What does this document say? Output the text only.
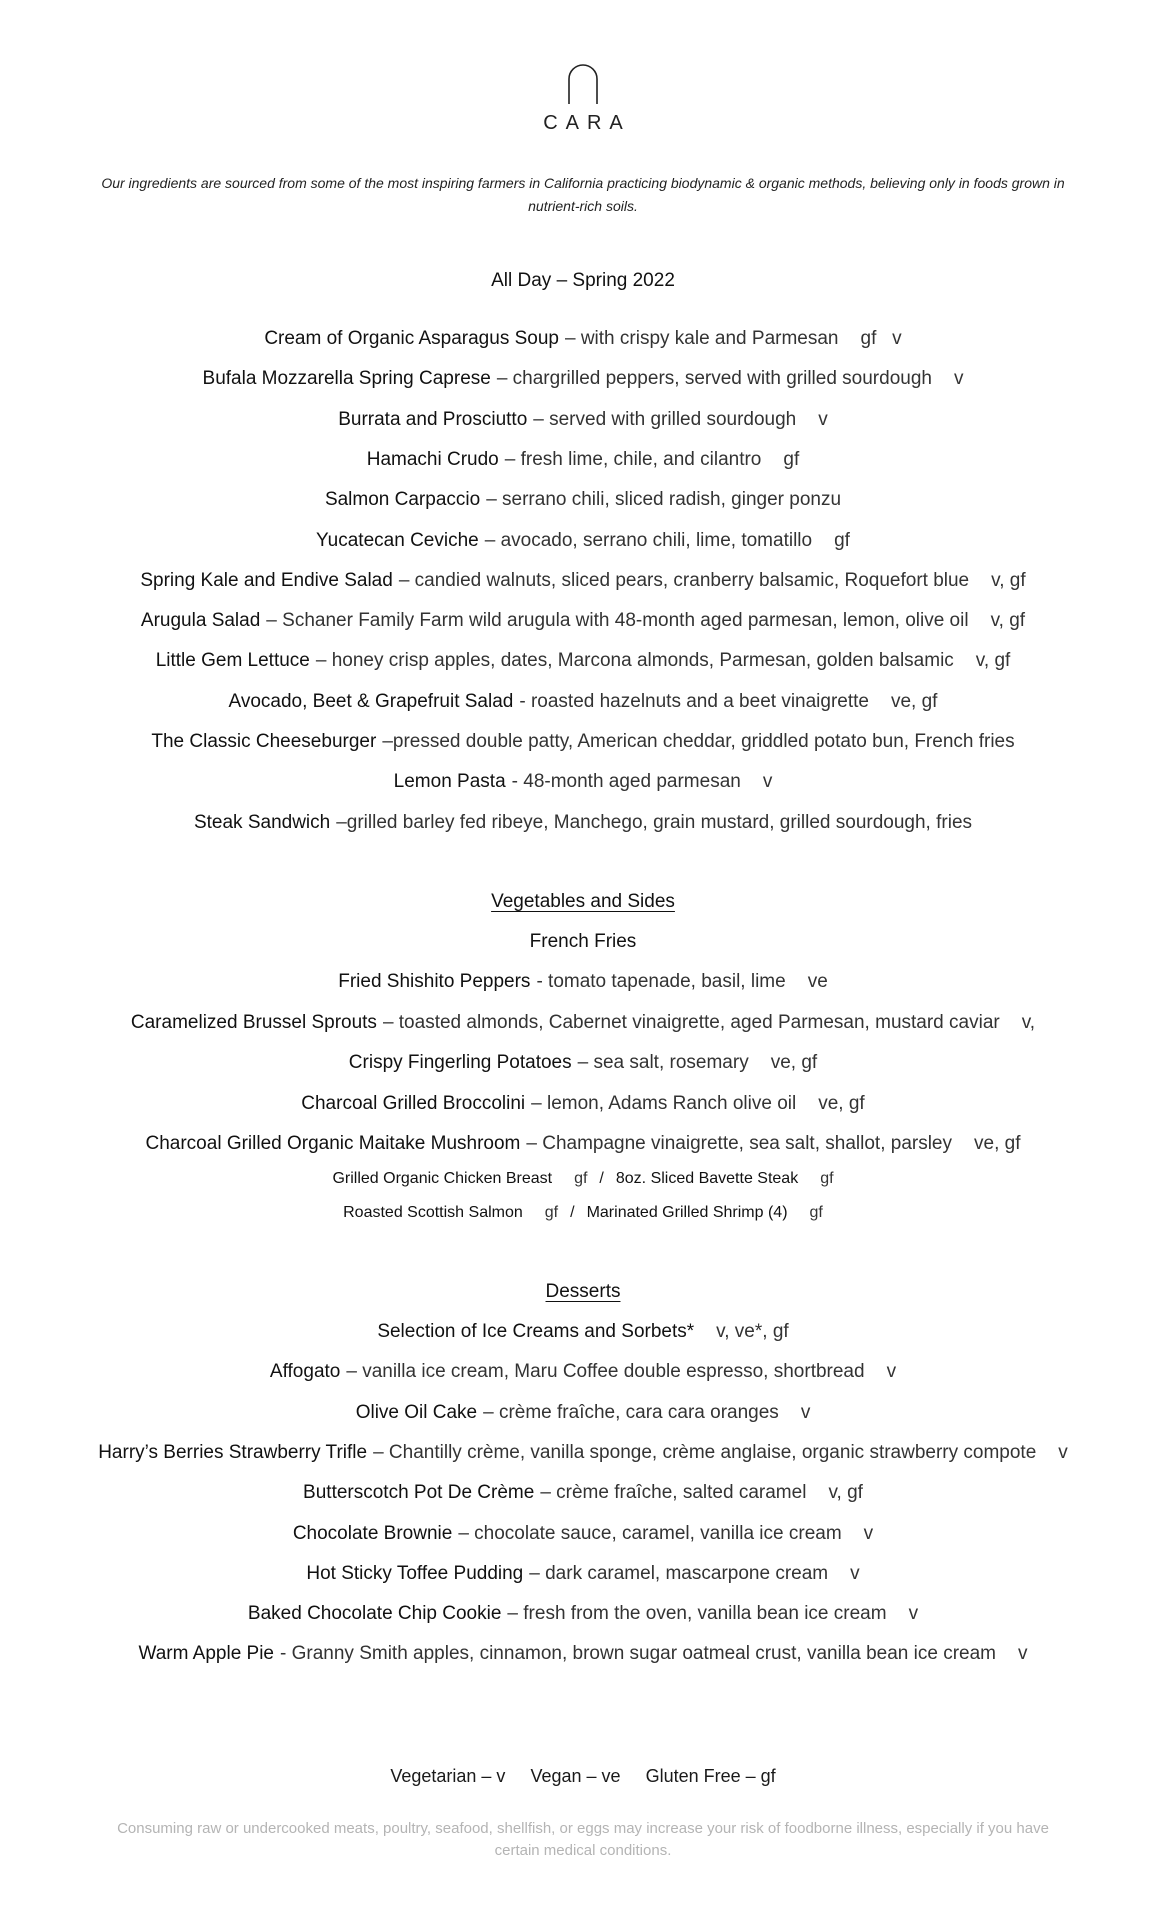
CARA
Our ingredients are sourced from some of the most inspiring farmers in California practicing biodynamic & organic methods, believing only in foods grown in nutrient-rich soils.
All Day – Spring 2022
Cream of Organic Asparagus Soup – with crispy kale and Parmesan gf   v
Bufala Mozzarella Spring Caprese – chargrilled peppers, served with grilled sourdough v
Burrata and Prosciutto – served with grilled sourdough v
Hamachi Crudo – fresh lime, chile, and cilantro gf
Salmon Carpaccio – serrano chili, sliced radish, ginger ponzu
Yucatecan Ceviche – avocado, serrano chili, lime, tomatillo gf
Spring Kale and Endive Salad – candied walnuts, sliced pears, cranberry balsamic, Roquefort blue v, gf
Arugula Salad – Schaner Family Farm wild arugula with 48-month aged parmesan, lemon, olive oil v, gf
Little Gem Lettuce – honey crisp apples, dates, Marcona almonds, Parmesan, golden balsamic v, gf
Avocado, Beet & Grapefruit Salad - roasted hazelnuts and a beet vinaigrette ve, gf
The Classic Cheeseburger –pressed double patty, American cheddar, griddled potato bun, French fries
Lemon Pasta - 48-month aged parmesan v
Steak Sandwich –grilled barley fed ribeye, Manchego, grain mustard, grilled sourdough, fries
Vegetables and Sides
French Fries
Fried Shishito Peppers - tomato tapenade, basil, lime ve
Caramelized Brussel Sprouts – toasted almonds, Cabernet vinaigrette, aged Parmesan, mustard caviar v,
Crispy Fingerling Potatoes – sea salt, rosemary ve, gf
Charcoal Grilled Broccolini – lemon, Adams Ranch olive oil ve, gf
Charcoal Grilled Organic Maitake Mushroom – Champagne vinaigrette, sea salt, shallot, parsley ve, gf
Grilled Organic Chicken Breast gf / 8oz. Sliced Bavette Steak gf
Roasted Scottish Salmon gf / Marinated Grilled Shrimp (4) gf
Desserts
Selection of Ice Creams and Sorbets* v, ve*, gf
Affogato – vanilla ice cream, Maru Coffee double espresso, shortbread v
Olive Oil Cake – crème fraîche, cara cara oranges v
Harry’s Berries Strawberry Trifle – Chantilly crème, vanilla sponge, crème anglaise, organic strawberry compote v
Butterscotch Pot De Crème – crème fraîche, salted caramel v, gf
Chocolate Brownie – chocolate sauce, caramel, vanilla ice cream v
Hot Sticky Toffee Pudding – dark caramel, mascarpone cream v
Baked Chocolate Chip Cookie – fresh from the oven, vanilla bean ice cream v
Warm Apple Pie - Granny Smith apples, cinnamon, brown sugar oatmeal crust, vanilla bean ice cream v
Vegetarian – v Vegan – ve Gluten Free – gf
Consuming raw or undercooked meats, poultry, seafood, shellfish, or eggs may increase your risk of foodborne illness, especially if you have certain medical conditions.
